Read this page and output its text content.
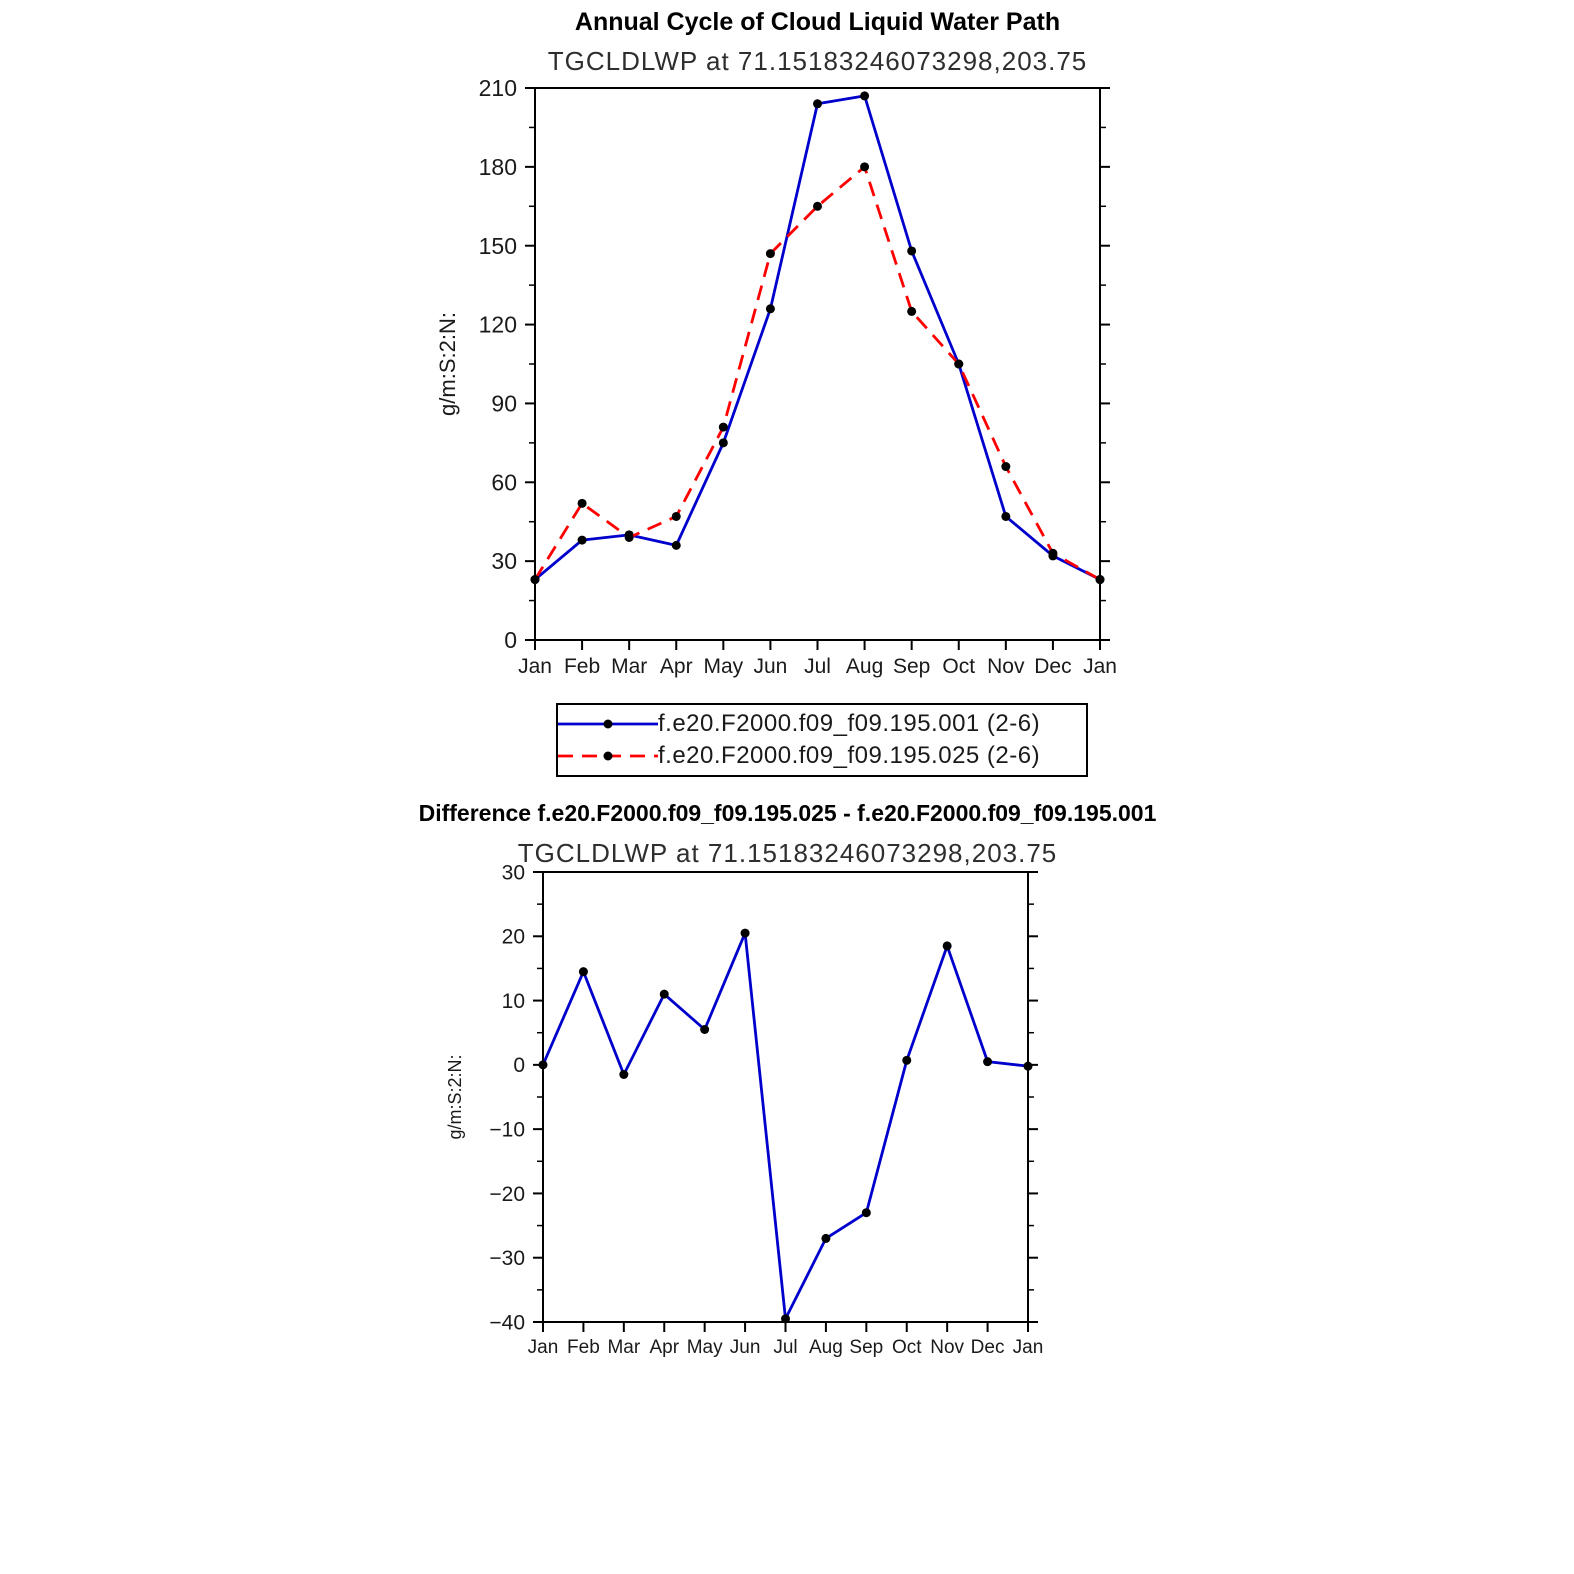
Annual Cycle of Cloud Liquid Water Path
TGCLDLWP at 71.15183246073298,203.75
0
30
60
90
120
150
180
210
Jan Feb Mar Apr May Jun Jul Aug Sep Oct Nov Dec Jan
g/m:S:2:N:
f.e20.F2000.f09_f09.195.001 (2-6)
f.e20.F2000.f09_f09.195.025 (2-6)
Difference f.e20.F2000.f09_f09.195.025 - f.e20.F2000.f09_f09.195.001
TGCLDLWP at 71.15183246073298,203.75
−40
−30
−20
−10
0
10
20
30
Jan Feb Mar Apr May Jun Jul Aug Sep Oct Nov Dec Jan
g/m:S:2:N:
